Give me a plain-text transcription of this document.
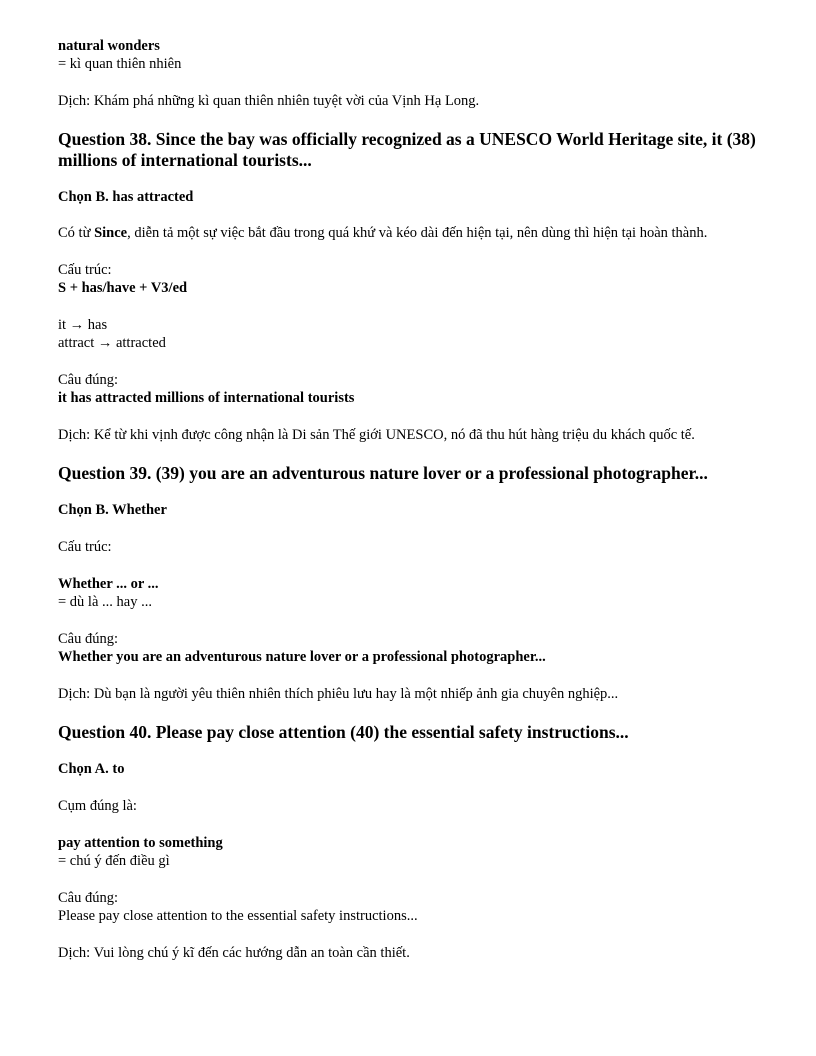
natural wonders

= kì quan thiên nhiên

Dịch: Khám phá những kì quan thiên nhiên tuyệt vời của Vịnh Hạ Long.

Question 38. Since the bay was officially recognized as a UNESCO World Heritage site, it (38) millions of international tourists...

Chọn B. has attracted

Có từ Since, diễn tả một sự việc bắt đầu trong quá khứ và kéo dài đến hiện tại, nên dùng thì hiện tại hoàn thành.

Cấu trúc:

S + has/have + V3/ed

it → has

attract → attracted

Câu đúng:

it has attracted millions of international tourists

Dịch: Kể từ khi vịnh được công nhận là Di sản Thế giới UNESCO, nó đã thu hút hàng triệu du khách quốc tế.

Question 39. (39) you are an adventurous nature lover or a professional photographer...

Chọn B. Whether

Cấu trúc:

Whether ... or ...

= dù là ... hay ...

Câu đúng:

Whether you are an adventurous nature lover or a professional photographer...

Dịch: Dù bạn là người yêu thiên nhiên thích phiêu lưu hay là một nhiếp ảnh gia chuyên nghiệp...

Question 40. Please pay close attention (40) the essential safety instructions...

Chọn A. to

Cụm đúng là:

pay attention to something

= chú ý đến điều gì

Câu đúng:

Please pay close attention to the essential safety instructions...

Dịch: Vui lòng chú ý kĩ đến các hướng dẫn an toàn cần thiết.
